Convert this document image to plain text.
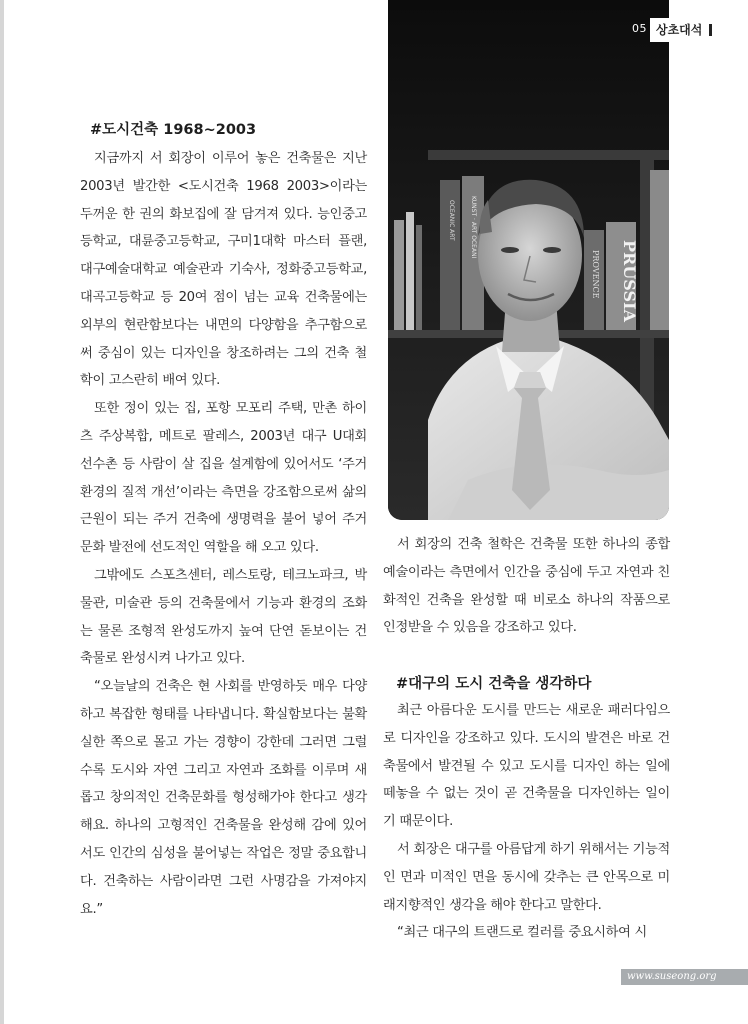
OCEANIC ART	KUNST · ART OCEANI
PROVENCE PRUSSIA
05 상초대석
#도시건축 1968~2003

지금까지 서 회장이 이루어 놓은 건축물은 지난 2003년 발간한 <도시건축 1968 2003>이라는 두꺼운 한 권의 화보집에 잘 담겨져 있다. 능인중고등학교, 대륜중고등학교, 구미1대학 마스터 플랜, 대구예술대학교 예술관과 기숙사, 정화중고등학교, 대곡고등학교 등 20여 점이 넘는 교육 건축물에는 외부의 현란함보다는 내면의 다양함을 추구함으로써 중심이 있는 디자인을 창조하려는 그의 건축 철학이 고스란히 배여 있다.

또한 정이 있는 집, 포항 모포리 주택, 만촌 하이츠 주상복합, 메트로 팔레스, 2003년 대구 U대회 선수촌 등 사람이 살 집을 설계함에 있어서도 ‘주거 환경의 질적 개선’이라는 측면을 강조함으로써 삶의 근원이 되는 주거 건축에 생명력을 불어 넣어 주거 문화 발전에 선도적인 역할을 해 오고 있다.

그밖에도 스포츠센터, 레스토랑, 테크노파크, 박물관, 미술관 등의 건축물에서 기능과 환경의 조화는 물론 조형적 완성도까지 높여 단연 돋보이는 건축물로 완성시켜 나가고 있다.

“오늘날의 건축은 현 사회를 반영하듯 매우 다양하고 복잡한 형태를 나타냅니다. 확실함보다는 불확실한 쪽으로 몰고 가는 경향이 강한데 그러면 그럴수록 도시와 자연 그리고 자연과 조화를 이루며 새롭고 창의적인 건축문화를 형성해가야 한다고 생각해요. 하나의 고형적인 건축물을 완성해 감에 있어서도 인간의 심성을 불어넣는 작업은 정말 중요합니다. 건축하는 사람이라면 그런 사명감을 가져야지요.”

서 회장의 건축 철학은 건축물 또한 하나의 종합예술이라는 측면에서 인간을 중심에 두고 자연과 친화적인 건축을 완성할 때 비로소 하나의 작품으로 인정받을 수 있음을 강조하고 있다.

#대구의 도시 건축을 생각하다

최근 아름다운 도시를 만드는 새로운 패러다임으로 디자인을 강조하고 있다. 도시의 발견은 바로 건축물에서 발견될 수 있고 도시를 디자인 하는 일에 떼놓을 수 없는 것이 곧 건축물을 디자인하는 일이기 때문이다.

서 회장은 대구를 아름답게 하기 위해서는 기능적인 면과 미적인 면을 동시에 갖추는 큰 안목으로 미래지향적인 생각을 해야 한다고 말한다.

“최근 대구의 트랜드로 컬러를 중요시하여 시

www.suseong.org
